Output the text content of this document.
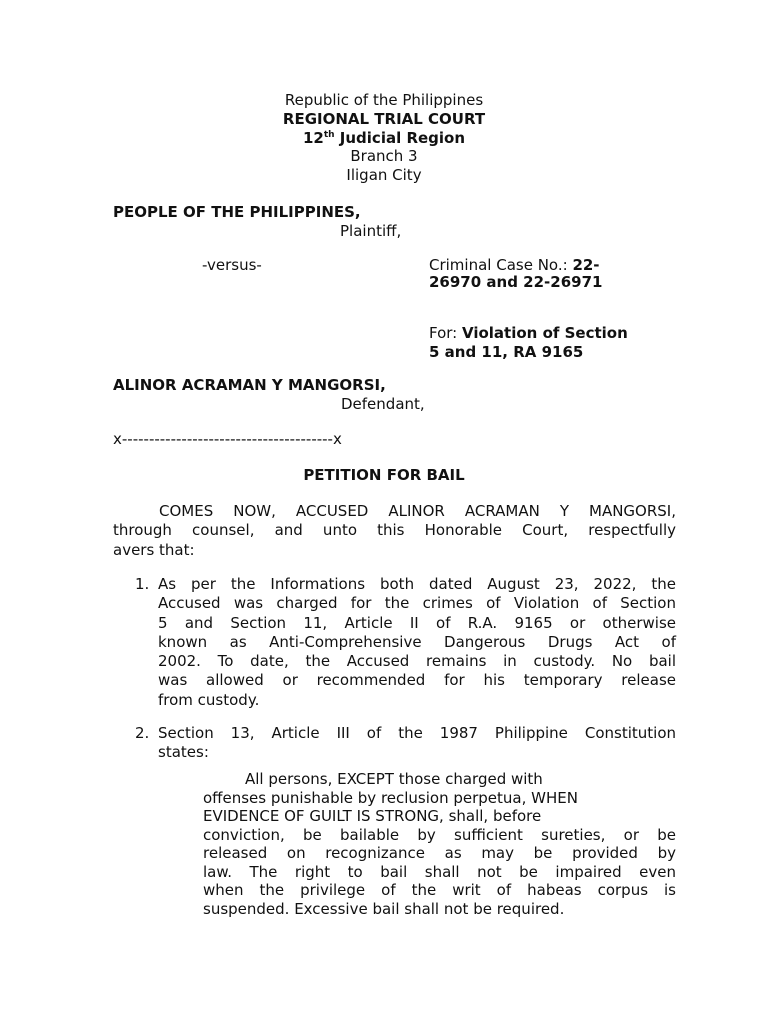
Republic of the Philippines
REGIONAL TRIAL COURT
12th Judicial Region
Branch 3
Iligan City
PEOPLE OF THE PHILIPPINES,
Plaintiff,
-versus-	Criminal Case No.: 22-
26970 and 22-26971
For: Violation of Section
5 and 11, RA 9165
ALINOR ACRAMAN Y MANGORSI,
Defendant,
x---------------------------------------x
PETITION FOR BAIL
COMES NOW, ACCUSED ALINOR ACRAMAN Y MANGORSI,
through counsel, and unto this Honorable Court, respectfully
avers that:
1. As per the Informations both dated August 23, 2022, the
Accused was charged for the crimes of Violation of Section
5 and Section 11, Article II of R.A. 9165 or otherwise
known as Anti-Comprehensive Dangerous Drugs Act of
2002. To date, the Accused remains in custody. No bail
was allowed or recommended for his temporary release
from custody.
2. Section 13, Article III of the 1987 Philippine Constitution
states:
All persons, EXCEPT those charged with
offenses punishable by reclusion perpetua, WHEN
EVIDENCE OF GUILT IS STRONG, shall, before
conviction, be bailable by sufficient sureties, or be
released on recognizance as may be provided by
law. The right to bail shall not be impaired even
when the privilege of the writ of habeas corpus is
suspended. Excessive bail shall not be required.
